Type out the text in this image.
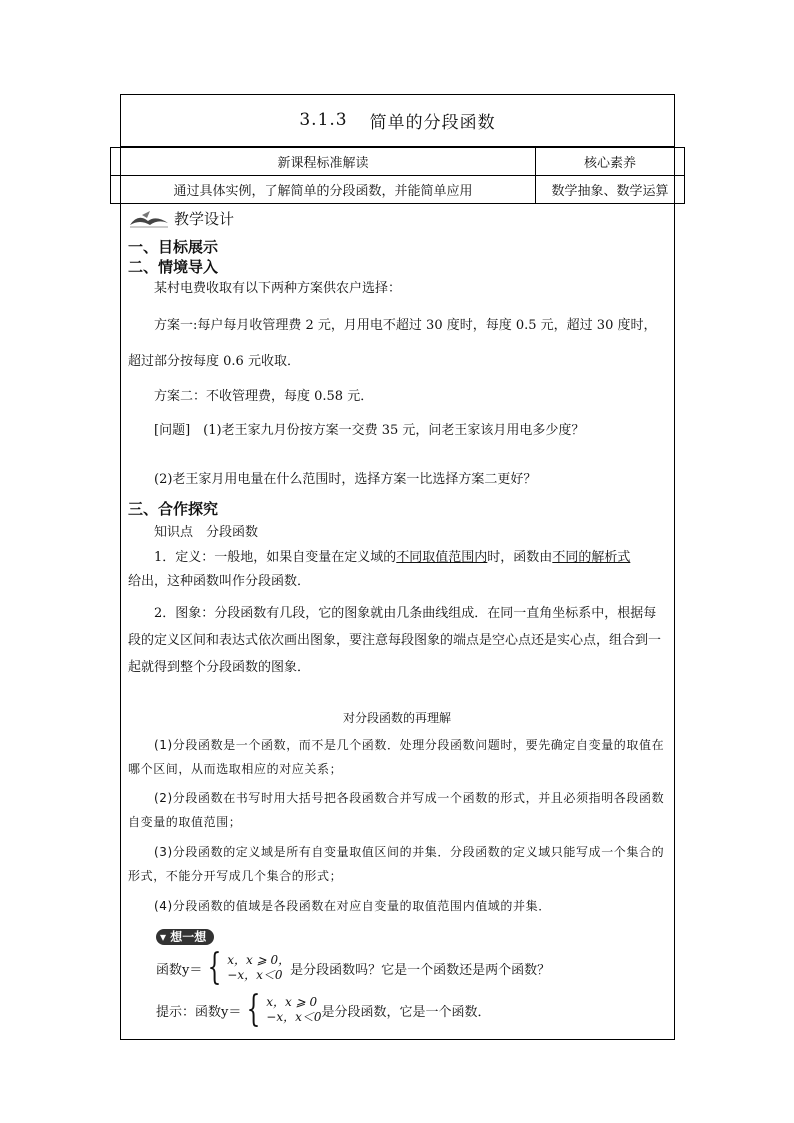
3.1.3 简单的分段函数
新课程标准解读	核心素养
通过具体实例，了解简单的分段函数，并能简单应用	数学抽象、数学运算
教学设计
一、目标展示
二、情境导入
某村电费收取有以下两种方案供农户选择：
方案一:每户每月收管理费 2 元，月用电不超过 30 度时，每度 0.5 元，超过 30 度时，
超过部分按每度 0.6 元收取．
方案二：不收管理费，每度 0.58 元．
[问题]　 (1)老王家九月份按方案一交费 35 元，问老王家该月用电多少度？
(2)老王家月用电量在什么范围时，选择方案一比选择方案二更好？
三、合作探究
知识点　分段函数
1．定义：一般地，如果自变量在定义域的不同取值范围内时，函数由不同的解析式
给出，这种函数叫作分段函数．
2．图象：分段函数有几段，它的图象就由几条曲线组成．在同一直角坐标系中，根据每段的定义区间和表达式依次画出图象，要注意每段图象的端点是空心点还是实心点，组合到一起就得到整个分段函数的图象．
对分段函数的再理解
(1)分段函数是一个函数，而不是几个函数．处理分段函数问题时，要先确定自变量的取值在哪个区间，从而选取相应的对应关系；
(2)分段函数在书写时用大括号把各段函数合并写成一个函数的形式，并且必须指明各段函数自变量的取值范围；
(3)分段函数的定义域是所有自变量取值区间的并集．分段函数的定义域只能写成一个集合的形式，不能分开写成几个集合的形式；
(4)分段函数的值域是各段函数在对应自变量的取值范围内值域的并集．
▾ 想一想
函数y＝ { x，x ⩾ 0，
−x，x＜0 是分段函数吗？它是一个函数还是两个函数？
提示：函数y＝ { x，x ⩾ 0
−x，x＜0 是分段函数，它是一个函数．
